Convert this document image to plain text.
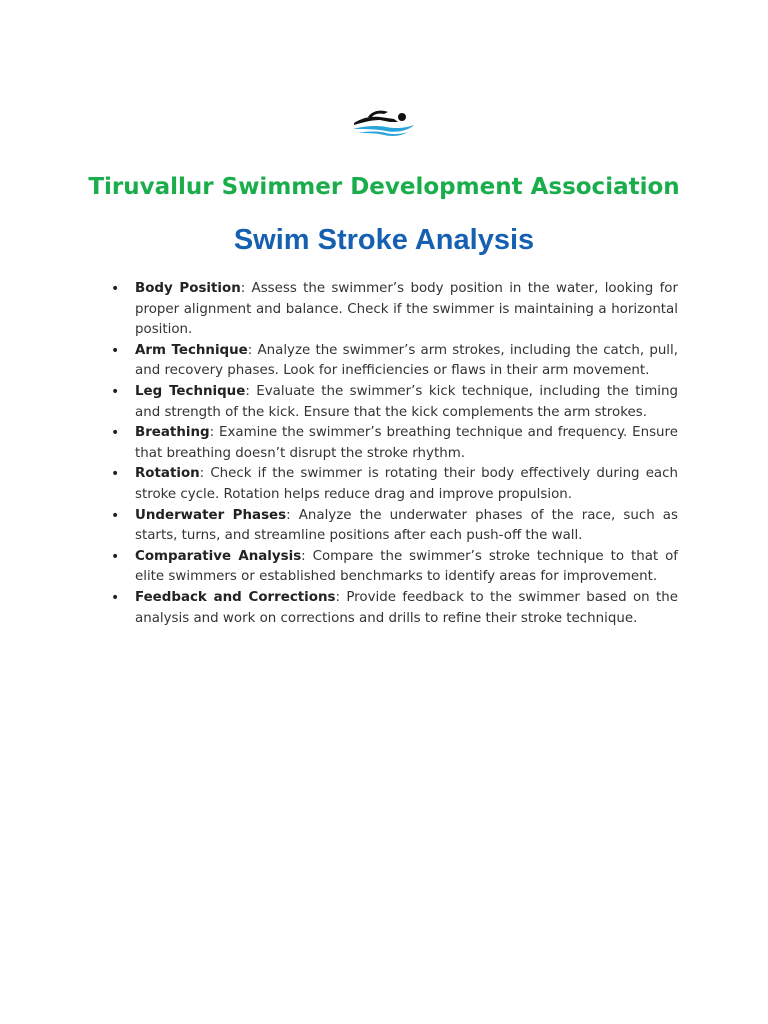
Tiruvallur Swimmer Development Association
Swim Stroke Analysis
• Body Position: Assess the swimmer’s body position in the water, looking for proper alignment and balance. Check if the swimmer is maintaining a horizontal position.
• Arm Technique: Analyze the swimmer’s arm strokes, including the catch, pull, and recovery phases. Look for inefficiencies or flaws in their arm movement.
• Leg Technique: Evaluate the swimmer’s kick technique, including the timing and strength of the kick. Ensure that the kick complements the arm strokes.
• Breathing: Examine the swimmer’s breathing technique and frequency. Ensure that breathing doesn’t disrupt the stroke rhythm.
• Rotation: Check if the swimmer is rotating their body effectively during each stroke cycle. Rotation helps reduce drag and improve propulsion.
• Underwater Phases: Analyze the underwater phases of the race, such as starts, turns, and streamline positions after each push-off the wall.
• Comparative Analysis: Compare the swimmer’s stroke technique to that of elite swimmers or established benchmarks to identify areas for improvement.
• Feedback and Corrections: Provide feedback to the swimmer based on the analysis and work on corrections and drills to refine their stroke technique.
